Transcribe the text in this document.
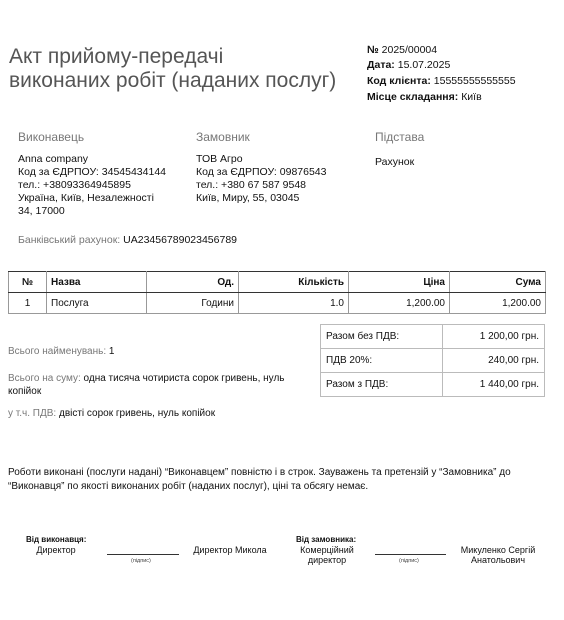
Акт прийому-передачі
виконаних робіт (наданих послуг)
№ 2025/00004
Дата: 15.07.2025
Код клієнта: 15555555555555
Місце складання: Київ
Виконавець
Anna company
Код за ЄДРПОУ: 34545434144
тел.: +38093364945895
Україна, Київ, Незалежності
34, 17000
Замовник
ТОВ Агро
Код за ЄДРПОУ: 09876543
тел.: +380 67 587 9548
Київ, Миру, 55, 03045
Підстава
Рахунок
Банківський рахунок: UA23456789023456789
№	Назва	Од.	Кількість	Ціна	Сума
1	Послуга	Години	1.0	1,200.00	1,200.00
Разом без ПДВ:	1 200,00 грн.
ПДВ 20%:	240,00 грн.
Разом з ПДВ:	1 440,00 грн.
Всього найменувань: 1
Всього на суму: одна тисяча чотириста сорок гривень, нуль
копійок
у т.ч. ПДВ: двісті сорок гривень, нуль копійок
Роботи виконані (послуги надані) “Виконавцем” повністю і в строк. Зауважень та претензій у “Замовника” до
“Виконавця” по якості виконаних робіт (наданих послуг), ціні та обсягу немає.
Від виконавця:
Директор
(підпис)
Директор Микола
Від замовника:
Комерційний
директор	(підпис)
Микуленко Сергій
Анатольович
